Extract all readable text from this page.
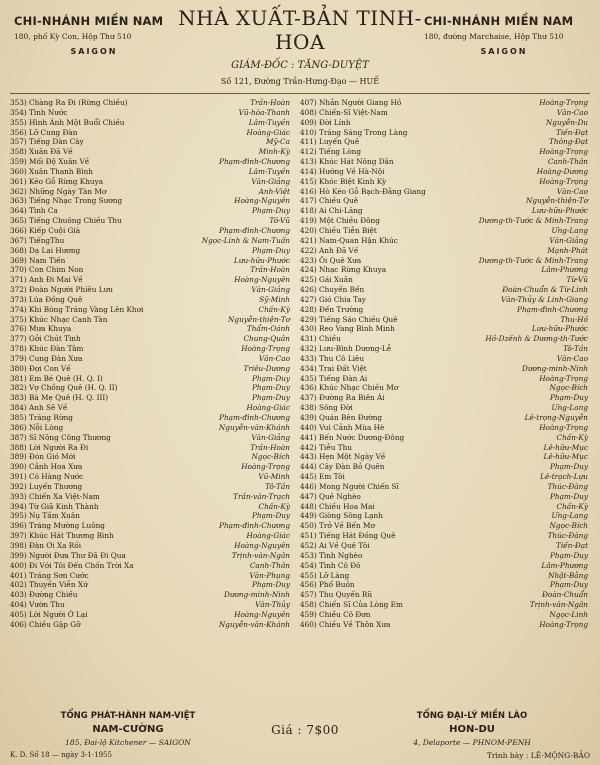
CHI-NHÁNH MIỀN NAM
180, phố Kỳ Con, Hộp Thư 510
SAIGON
NHÀ XUẤT-BẢN TINH-HOA
GIÁM-ĐỐC : TĂNG-DUYỆT
Số 121, Đường Trần-Hưng-Đạo — HUẾ
CHI-NHÁNH MIỀN NAM
180, đường Marchaise, Hộp Thư 510
SAIGON
353) Chàng Ra Đi (Rừng Chiều)	Trần-Hoàn
354) Tình Nước	Vũ-hòa-Thanh
355) Hình Ảnh Một Buổi Chiều	Lâm-Tuyền
356) Lỡ Cung Đàn	Hoàng-Giác
357) Tiếng Dàn Cây	Mỹ-Ca
358) Xuân Đã Về	Minh-Kỳ
359) Mối Độ Xuân Về	Phạm-đình-Chương
360) Xuân Thanh Bình	Lâm-Tuyền
361) Kéo Gỗ Rừng Khuya	Văn-Giảng
362) Những Ngày Tàn Mơ	Anh-Việt
363) Tiếng Nhạc Trong Sương	Hoàng-Nguyên
364) Tình Ca	Phạm-Duy
365) Tiếng Chuông Chiều Thu	Tô-Vũ
366) Kiếp Cuội Già	Phạm-đình-Chương
367) TiếngThu	Ngọc-Linh & Nam-Tuấn
368) Dạ Lai Hương	Phạm-Duy
369) Nam Tiến	Lưu-hữu-Phước
370) Con Chim Non	Trần-Hoàn
371) Anh Đi Mai Về	Hoàng-Nguyên
372) Đoàn Người Phiêu Lưu	Văn-Giảng
373) Lúa Đồng Quê	Sỹ-Minh
374) Khi Bóng Trăng Vàng Lên Khơi	Chấn-Kỳ
375) Khúc Nhạc Canh Tàn	Nguyễn-thiện-Tơ
376) Mưa Khuya	Thẩm-Oánh
377) Gởi Chút Tình	Chung-Quân
378) Khúc Đàn Tâm	Hoàng-Trọng
379) Cung Đàn Xưa	Văn-Cao
380) Đợi Con Về	Triêu-Dương
381) Em Bé Quê (H. Q. I)	Phạm-Duy
382) Vợ Chồng Quê (H. Q. II)	Phạm-Duy
383) Bà Mẹ Quê (H. Q. III)	Phạm-Duy
384) Anh Sẽ Về	Hoàng-Giác
385) Trăng Rừng	Phạm-đình-Chương
386) Nỗi Lòng	Nguyễn-văn-Khánh
387) Sĩ Nông Công Thương	Văn-Giảng
388) Lời Người Ra Đi	Trần-Hoàn
389) Đón Gió Mới	Ngọc-Bích
390) Cảnh Hoa Xưa	Hoàng-Trọng
391) Có Hàng Nước	Vũ-Minh
392) Luyến Thương	Tô-Tần
393) Chiến Xa Việt-Nam	Trần-văn-Trạch
394) Từ Giã Kinh Thành	Chấn-Kỳ
395) Nụ Tầm Xuân	Phạm-Duy
396) Tráng Mường Luông	Phạm-đình-Chương
397) Khúc Hát Thương Bình	Hoàng-Giác
398) Đàn Ơi Xa Rồi	Hoàng-Nguyên
399) Người Đưa Thư Đã Đi Qua	Trịnh-văn-Ngân
400) Đi Với Tôi Đến Chốn Trời Xa	Canh-Thân
401) Tráng Sơn Cước	Văn-Phụng
402) Thuyền Viễn Xứ	Phạm-Duy
403) Đường Chiều	Dương-minh-Ninh
404) Vườn Thu	Văn-Thủy
405) Lời Người Ở Lại	Hoàng-Nguyên
406) Chiều Gặp Gỡ	Nguyễn-văn-Khánh
407) Nhắn Người Giang Hồ	Hoàng-Trọng
408) Chiến-Sĩ Việt-Nam	Văn-Cao
409) Đời Lính	Nguyễn-Du
410) Trăng Sáng Trong Làng	Tiến-Đạt
411) Luyến Quê	Thông-Đạt
412) Tiếng Lòng	Hoàng-Trọng
413) Khúc Hát Nông Dân	Canh-Thân
414) Hướng Về Hà-Nội	Hoàng-Dương
415) Khóc Biệt Kinh Kỳ	Hoàng-Trọng
416) Hò Kéo Gỗ Bạch-Đằng Giang	Văn-Cao
417) Chiều Quê	Nguyễn-thiện-Tơ
418) Ai Chi-Lăng	Lưu-hữu-Phước
419) Một Chiều Đông	Dương-th-Tước & Minh-Trang
420) Chiều Tiễn Biệt	Ưng-Lang
421) Nam-Quan Hận Khúc	Văn-Giảng
422) Anh Đã Về	Mạnh-Phát
423) Ôi Quê Xưa	Dương-th-Tước & Minh-Trang
424) Nhạc Rừng Khuya	Lâm-Phương
425) Gái Xuân	Từ-Vũ
426) Chuyến Bến	Đoàn-Chuẩn & Từ-Linh
427) Gió Chia Tay	Văn-Thủy & Linh-Giang
428) Đến Trường	Phạm-đình-Chương
429) Tiếng Sáo Chiều Quê	Thu-Hồ
430) Reo Vang Bình Minh	Lưu-hữu-Phước
431) Chiều	Hồ-Dzếnh & Dương-th-Tước
432) Lưu-Bình Dương-Lễ	Tô-Tần
433) Thu Cô Liêu	Văn-Cao
434) Trai Đất Việt	Dương-minh-Ninh
435) Tiếng Đàn Ai	Hoàng-Trọng
436) Khúc Nhạc Chiều Mơ	Ngọc-Bích
437) Đường Ra Biên Ải	Phạm-Duy
438) Sông Đời	Ưng-Lang
439) Quán Bên Đường	Lê-trọng-Nguyễn
440) Vui Cảnh Mùa Hè	Hoàng-Trọng
441) Bến Nước Dương-Đông	Chấn-Kỳ
442) Tiễu Thu	Lê-hữu-Mục
443) Hẹn Một Ngày Về	Lê-hữu-Mục
444) Cây Đàn Bỏ Quên	Phạm-Duy
445) Em Tôi	Lê-trạch-Lựu
446) Mong Người Chiến Sĩ	Thúc-Đăng
447) Quê Nghèo	Phạm-Duy
448) Chiều Hoa Mai	Chấn-Kỳ
449) Giòng Sông Lạnh	Ưng-Lang
450) Trở Về Bến Mơ	Ngọc-Bích
451) Tiếng Hát Đồng Quê	Thúc-Đăng
452) Ai Về Quê Tôi	Tiến-Đạt
453) Tình Nghèo	Phạm-Duy
454) Tình Cô Đô	Lâm-Phương
455) Lỡ Làng	Nhật-Bằng
456) Phố Buồn	Phạm-Duy
457) Thu Quyến Rũ	Đoàn-Chuẩn
458) Chiến Sĩ Của Lòng Em	Trịnh-văn-Ngân
459) Chiều Cô Đơn	Ngọc-Linh
460) Chiều Về Thôn Xưa	Hoàng-Trọng
TỔNG PHÁT-HÀNH NAM-VIỆT
NAM-CƯỜNG
185, Đai-lộ Kitchener — SAIGON
Giá : 7$00
TỔNG ĐẠI-LÝ MIỀN LÀO
HON-DU
4, Delaporte — PHNOM-PENH
K. D. Số 18 — ngày 3-1-1955	Trình bày : LÊ-MỘNG-BẢO
